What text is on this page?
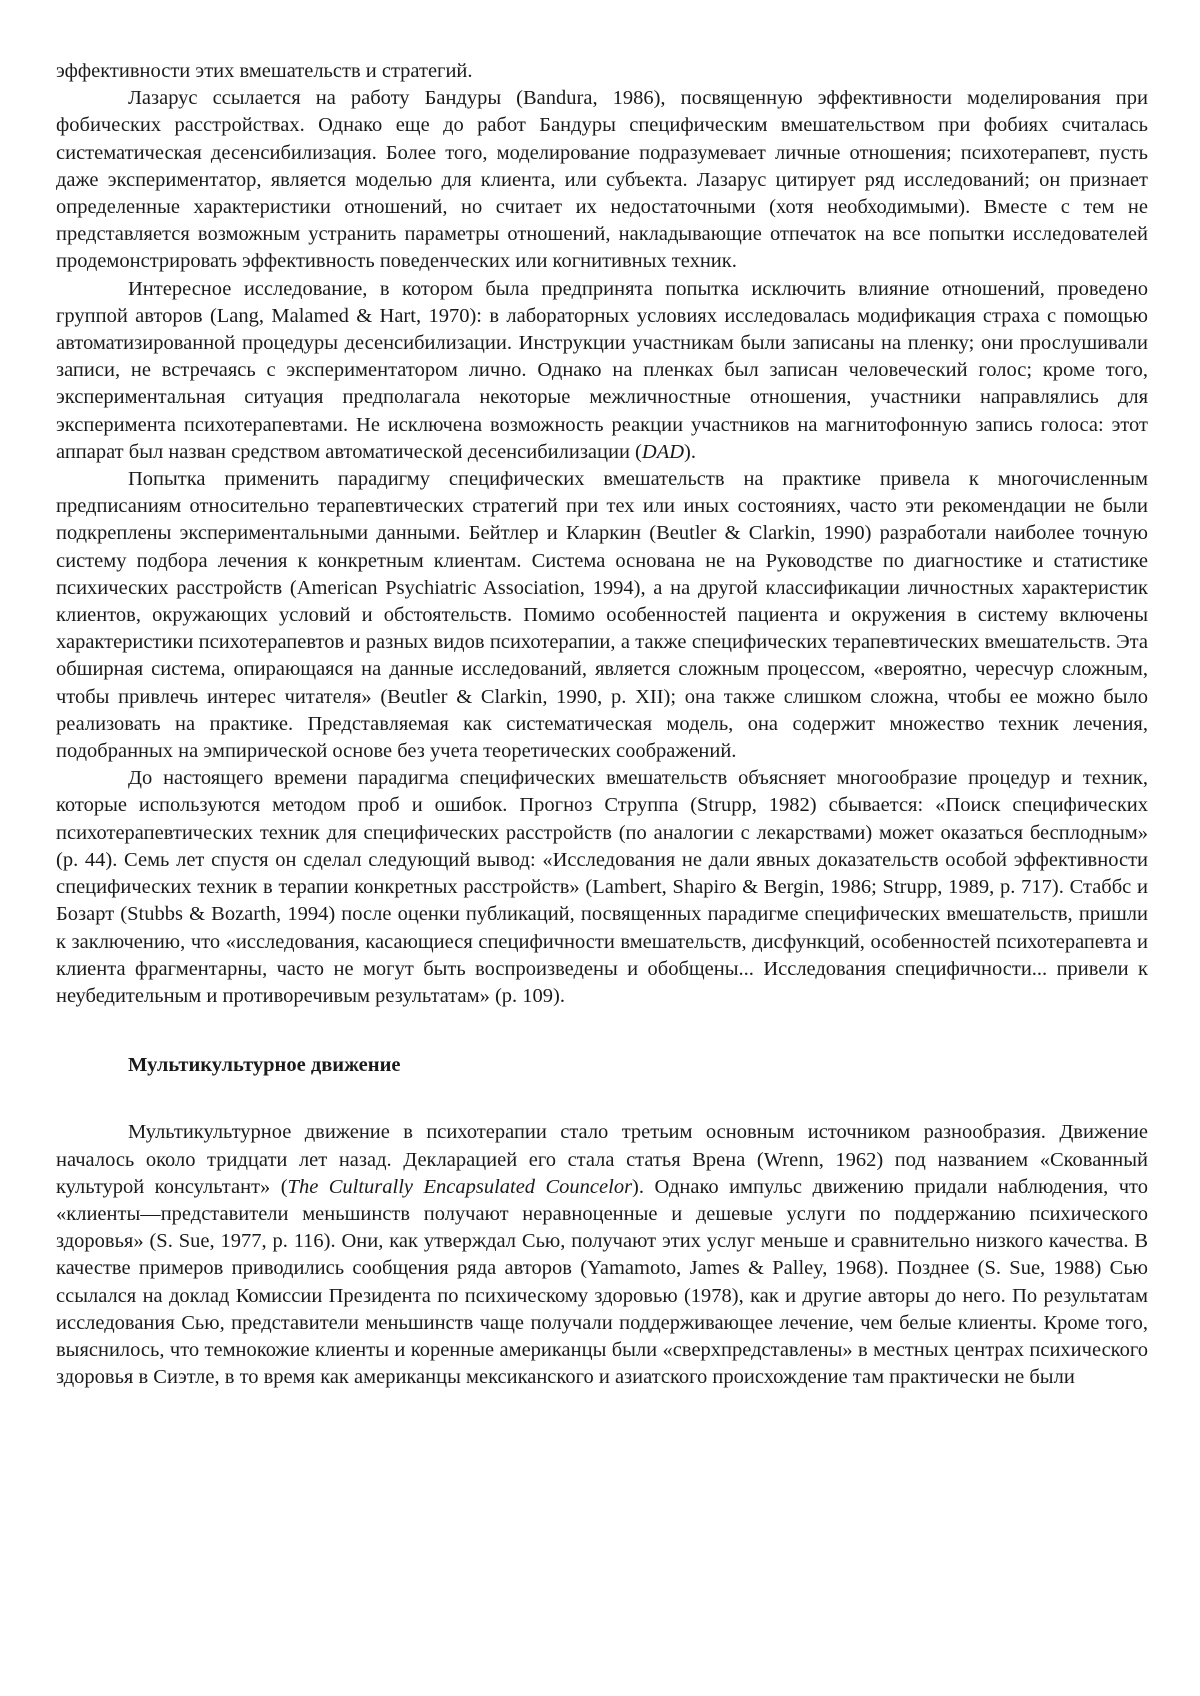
эффективности этих вмешательств и стратегий.

Лазарус ссылается на работу Бандуры (Bandura, 1986), посвященную эффективности моделирования при фобических расстройствах. Однако еще до работ Бандуры специфическим вмешательством при фобиях считалась систематическая десенсибилизация. Более того, моделирование подразумевает личные отношения; психотерапевт, пусть даже экспериментатор, является моделью для клиента, или субъекта. Лазарус цитирует ряд исследований; он признает определенные характеристики отношений, но считает их недостаточными (хотя необходимыми). Вместе с тем не представляется возможным устранить параметры отношений, накладывающие отпечаток на все попытки исследователей продемонстрировать эффективность поведенческих или когнитивных техник.

Интересное исследование, в котором была предпринята попытка исключить влияние отношений, проведено группой авторов (Lang, Malamed & Hart, 1970): в лабораторных условиях исследовалась модификация страха с помощью автоматизированной процедуры десенсибилизации. Инструкции участникам были записаны на пленку; они прослушивали записи, не встречаясь с экспериментатором лично. Однако на пленках был записан человеческий голос; кроме того, экспериментальная ситуация предполагала некоторые межличностные отношения, участники направлялись для эксперимента психотерапевтами. Не исключена возможность реакции участников на магнитофонную запись голоса: этот аппарат был назван средством автоматической десенсибилизации (DAD).

Попытка применить парадигму специфических вмешательств на практике привела к многочисленным предписаниям относительно терапевтических стратегий при тех или иных состояниях, часто эти рекомендации не были подкреплены экспериментальными данными. Бейтлер и Кларкин (Beutler & Clarkin, 1990) разработали наиболее точную систему подбора лечения к конкретным клиентам. Система основана не на Руководстве по диагностике и статистике психических расстройств (American Psychiatric Association, 1994), а на другой классификации личностных характеристик клиентов, окружающих условий и обстоятельств. Помимо особенностей пациента и окружения в систему включены характеристики психотерапевтов и разных видов психотерапии, а также специфических терапевтических вмешательств. Эта обширная система, опирающаяся на данные исследований, является сложным процессом, «вероятно, чересчур сложным, чтобы привлечь интерес читателя» (Beutler & Clarkin, 1990, p. XII); она также слишком сложна, чтобы ее можно было реализовать на практике. Представляемая как систематическая модель, она содержит множество техник лечения, подобранных на эмпирической основе без учета теоретических соображений.

До настоящего времени парадигма специфических вмешательств объясняет многообразие процедур и техник, которые используются методом проб и ошибок. Прогноз Струппа (Strupp, 1982) сбывается: «Поиск специфических психотерапевтических техник для специфических расстройств (по аналогии с лекарствами) может оказаться бесплодным» (p. 44). Семь лет спустя он сделал следующий вывод: «Исследования не дали явных доказательств особой эффективности специфических техник в терапии конкретных расстройств» (Lambert, Shapiro & Bergin, 1986; Strupp, 1989, p. 717). Стаббс и Бозарт (Stubbs & Bozarth, 1994) после оценки публикаций, посвященных парадигме специфических вмешательств, пришли к заключению, что «исследования, касающиеся специфичности вмешательств, дисфункций, особенностей психотерапевта и клиента фрагментарны, часто не могут быть воспроизведены и обобщены... Исследования специфичности... привели к неубедительным и противоречивым результатам» (p. 109).

Мультикультурное движение

Мультикультурное движение в психотерапии стало третьим основным источником разнообразия. Движение началось около тридцати лет назад. Декларацией его стала статья Врена (Wrenn, 1962) под названием «Скованный культурой консультант» (The Culturally Encapsulated Councelor). Однако импульс движению придали наблюдения, что «клиенты—представители меньшинств получают неравноценные и дешевые услуги по поддержанию психического здоровья» (S. Sue, 1977, p. 116). Они, как утверждал Сью, получают этих услуг меньше и сравнительно низкого качества. В качестве примеров приводились сообщения ряда авторов (Yamamoto, James & Palley, 1968). Позднее (S. Sue, 1988) Сью ссылался на доклад Комиссии Президента по психическому здоровью (1978), как и другие авторы до него. По результатам исследования Сью, представители меньшинств чаще получали поддерживающее лечение, чем белые клиенты. Кроме того, выяснилось, что темнокожие клиенты и коренные американцы были «сверхпредставлены» в местных центрах психического здоровья в Сиэтле, в то время как американцы мексиканского и азиатского происхождение там практически не были
